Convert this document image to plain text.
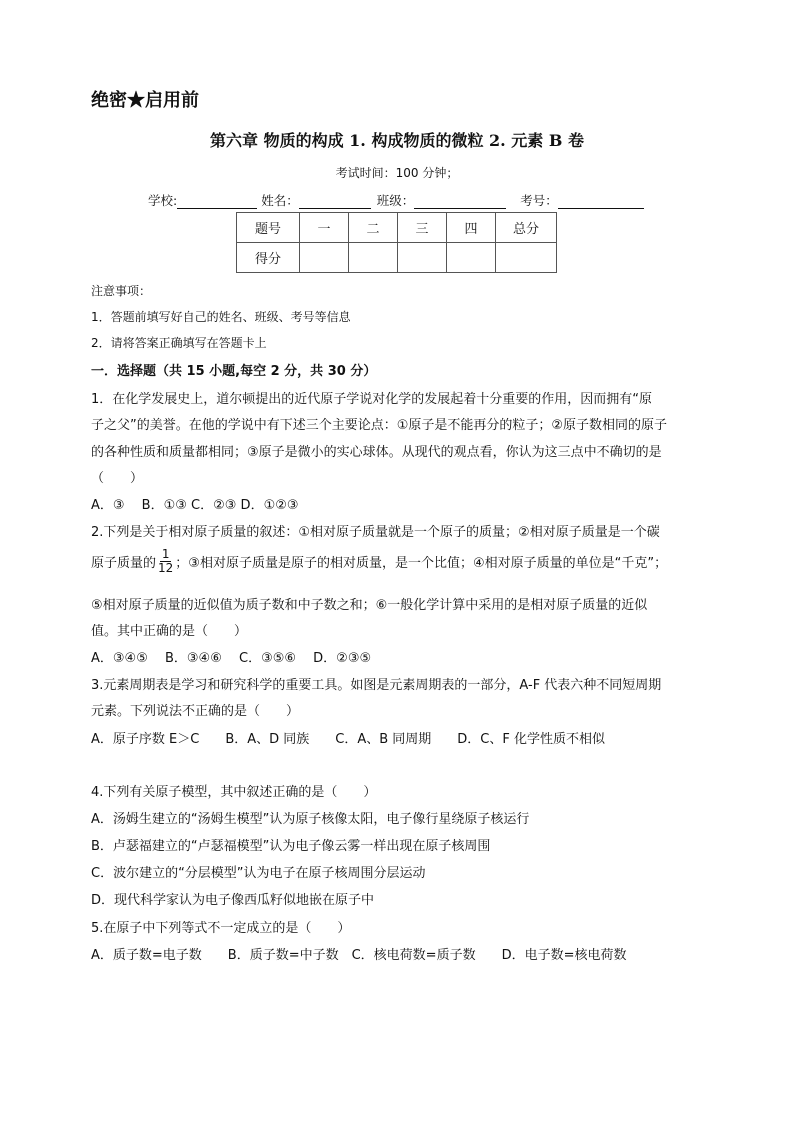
绝密★启用前
第六章 物质的构成 1. 构成物质的微粒 2. 元素 B 卷
考试时间：100 分钟；
学校:	姓名：	班级：	考号：
题号	一	二	三	四	总分
得分					
注意事项：
1．答题前填写好自己的姓名、班级、考号等信息
2．请将答案正确填写在答题卡上
一．选择题（共 15 小题,每空 2 分，共 30 分）
1．在化学发展史上，道尔顿提出的近代原子学说对化学的发展起着十分重要的作用，因而拥有“原
子之父”的美誉。在他的学说中有下述三个主要论点：①原子是不能再分的粒子；②原子数相同的原子
的各种性质和质量都相同；③原子是微小的实心球体。从现代的观点看，你认为这三点中不确切的是
（　　）
A．③　 B．①③ C．②③ D．①②③
2.下列是关于相对原子质量的叙述：①相对原子质量就是一个原子的质量；②相对原子质量是一个碳
原子质量的 $\frac{1}{12}$ ；③相对原子质量是原子的相对质量，是一个比值；④相对原子质量的单位是“千克”；
⑤相对原子质量的近似值为质子数和中子数之和；⑥一般化学计算中采用的是相对原子质量的近似
值。其中正确的是（　　）
A．③④⑤　 B．③④⑥　 C．③⑤⑥　 D．②③⑤
3.元素周期表是学习和研究科学的重要工具。如图是元素周期表的一部分，A-F 代表六种不同短周期
元素。下列说法不正确的是（　　）
A．原子序数 E＞C　　B．A、D 同族　　C．A、B 同周期　　D．C、F 化学性质不相似
4.下列有关原子模型，其中叙述正确的是（　　）
A．汤姆生建立的“汤姆生模型”认为原子核像太阳，电子像行星绕原子核运行
B．卢瑟福建立的“卢瑟福模型”认为电子像云雾一样出现在原子核周围
C．波尔建立的“分层模型”认为电子在原子核周围分层运动
D．现代科学家认为电子像西瓜籽似地嵌在原子中
5.在原子中下列等式不一定成立的是（　　）
A．质子数=电子数　　B．质子数=中子数　C．核电荷数=质子数　　D．电子数=核电荷数
